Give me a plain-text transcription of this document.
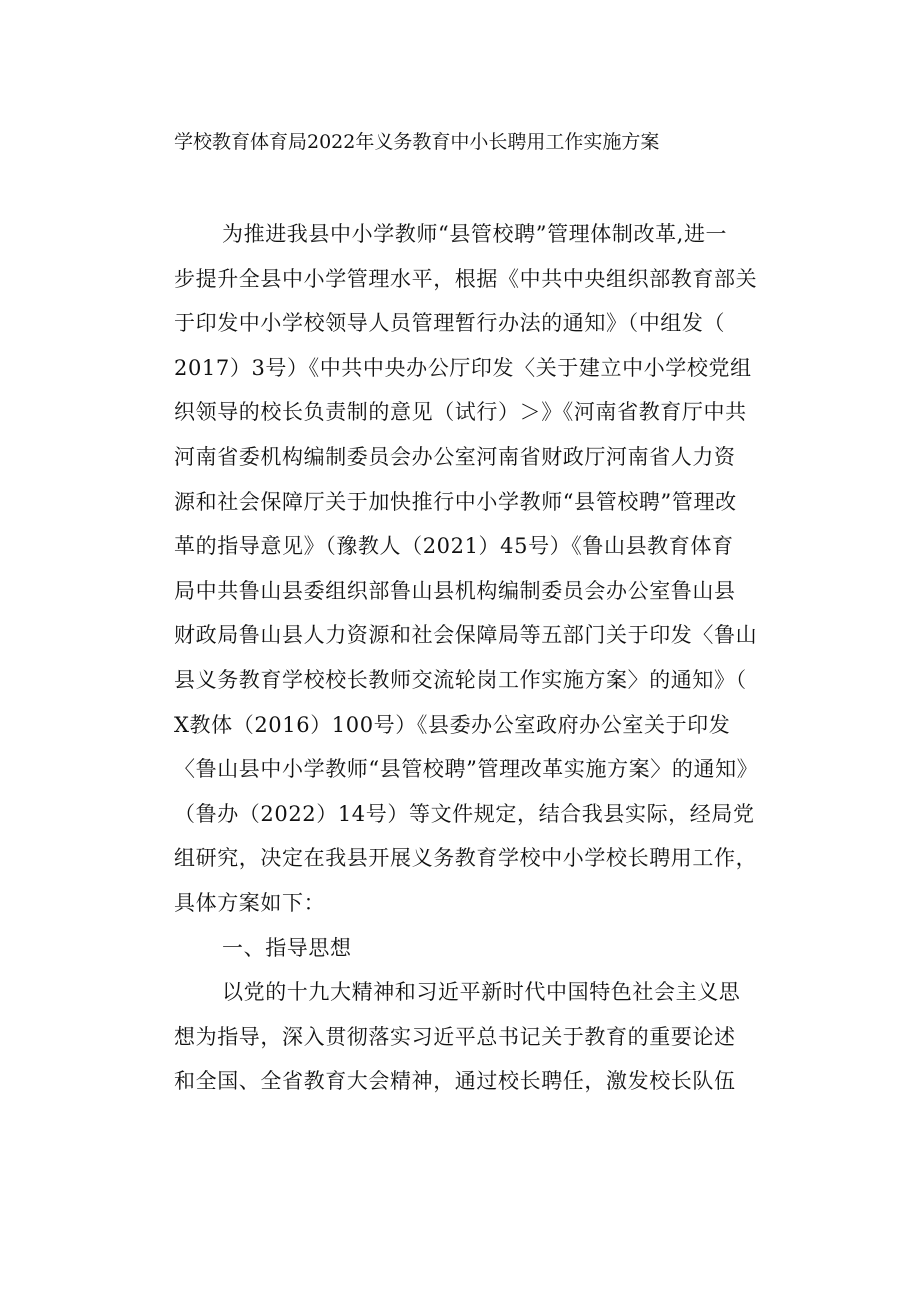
学校教育体育局2022年义务教育中小长聘用工作实施方案
为推进我县中小学教师“县管校聘”管理体制改革,进一
步提升全县中小学管理水平，根据《中共中央组织部教育部关
于印发中小学校领导人员管理暂行办法的通知》（中组发（
2017）3号）《中共中央办公厅印发〈关于建立中小学校党组
织领导的校长负责制的意见（试行）＞》《河南省教育厅中共
河南省委机构编制委员会办公室河南省财政厅河南省人力资
源和社会保障厅关于加快推行中小学教师“县管校聘”管理改
革的指导意见》（豫教人（2021）45号）《鲁山县教育体育
局中共鲁山县委组织部鲁山县机构编制委员会办公室鲁山县
财政局鲁山县人力资源和社会保障局等五部门关于印发〈鲁山
县义务教育学校校长教师交流轮岗工作实施方案〉的通知》（
X教体（2016）100号）《县委办公室政府办公室关于印发
〈鲁山县中小学教师“县管校聘”管理改革实施方案〉的通知》
（鲁办（2022）14号）等文件规定，结合我县实际，经局党
组研究，决定在我县开展义务教育学校中小学校长聘用工作，
具体方案如下：
一、指导思想
以党的十九大精神和习近平新时代中国特色社会主义思
想为指导，深入贯彻落实习近平总书记关于教育的重要论述
和全国、全省教育大会精神，通过校长聘任，激发校长队伍
